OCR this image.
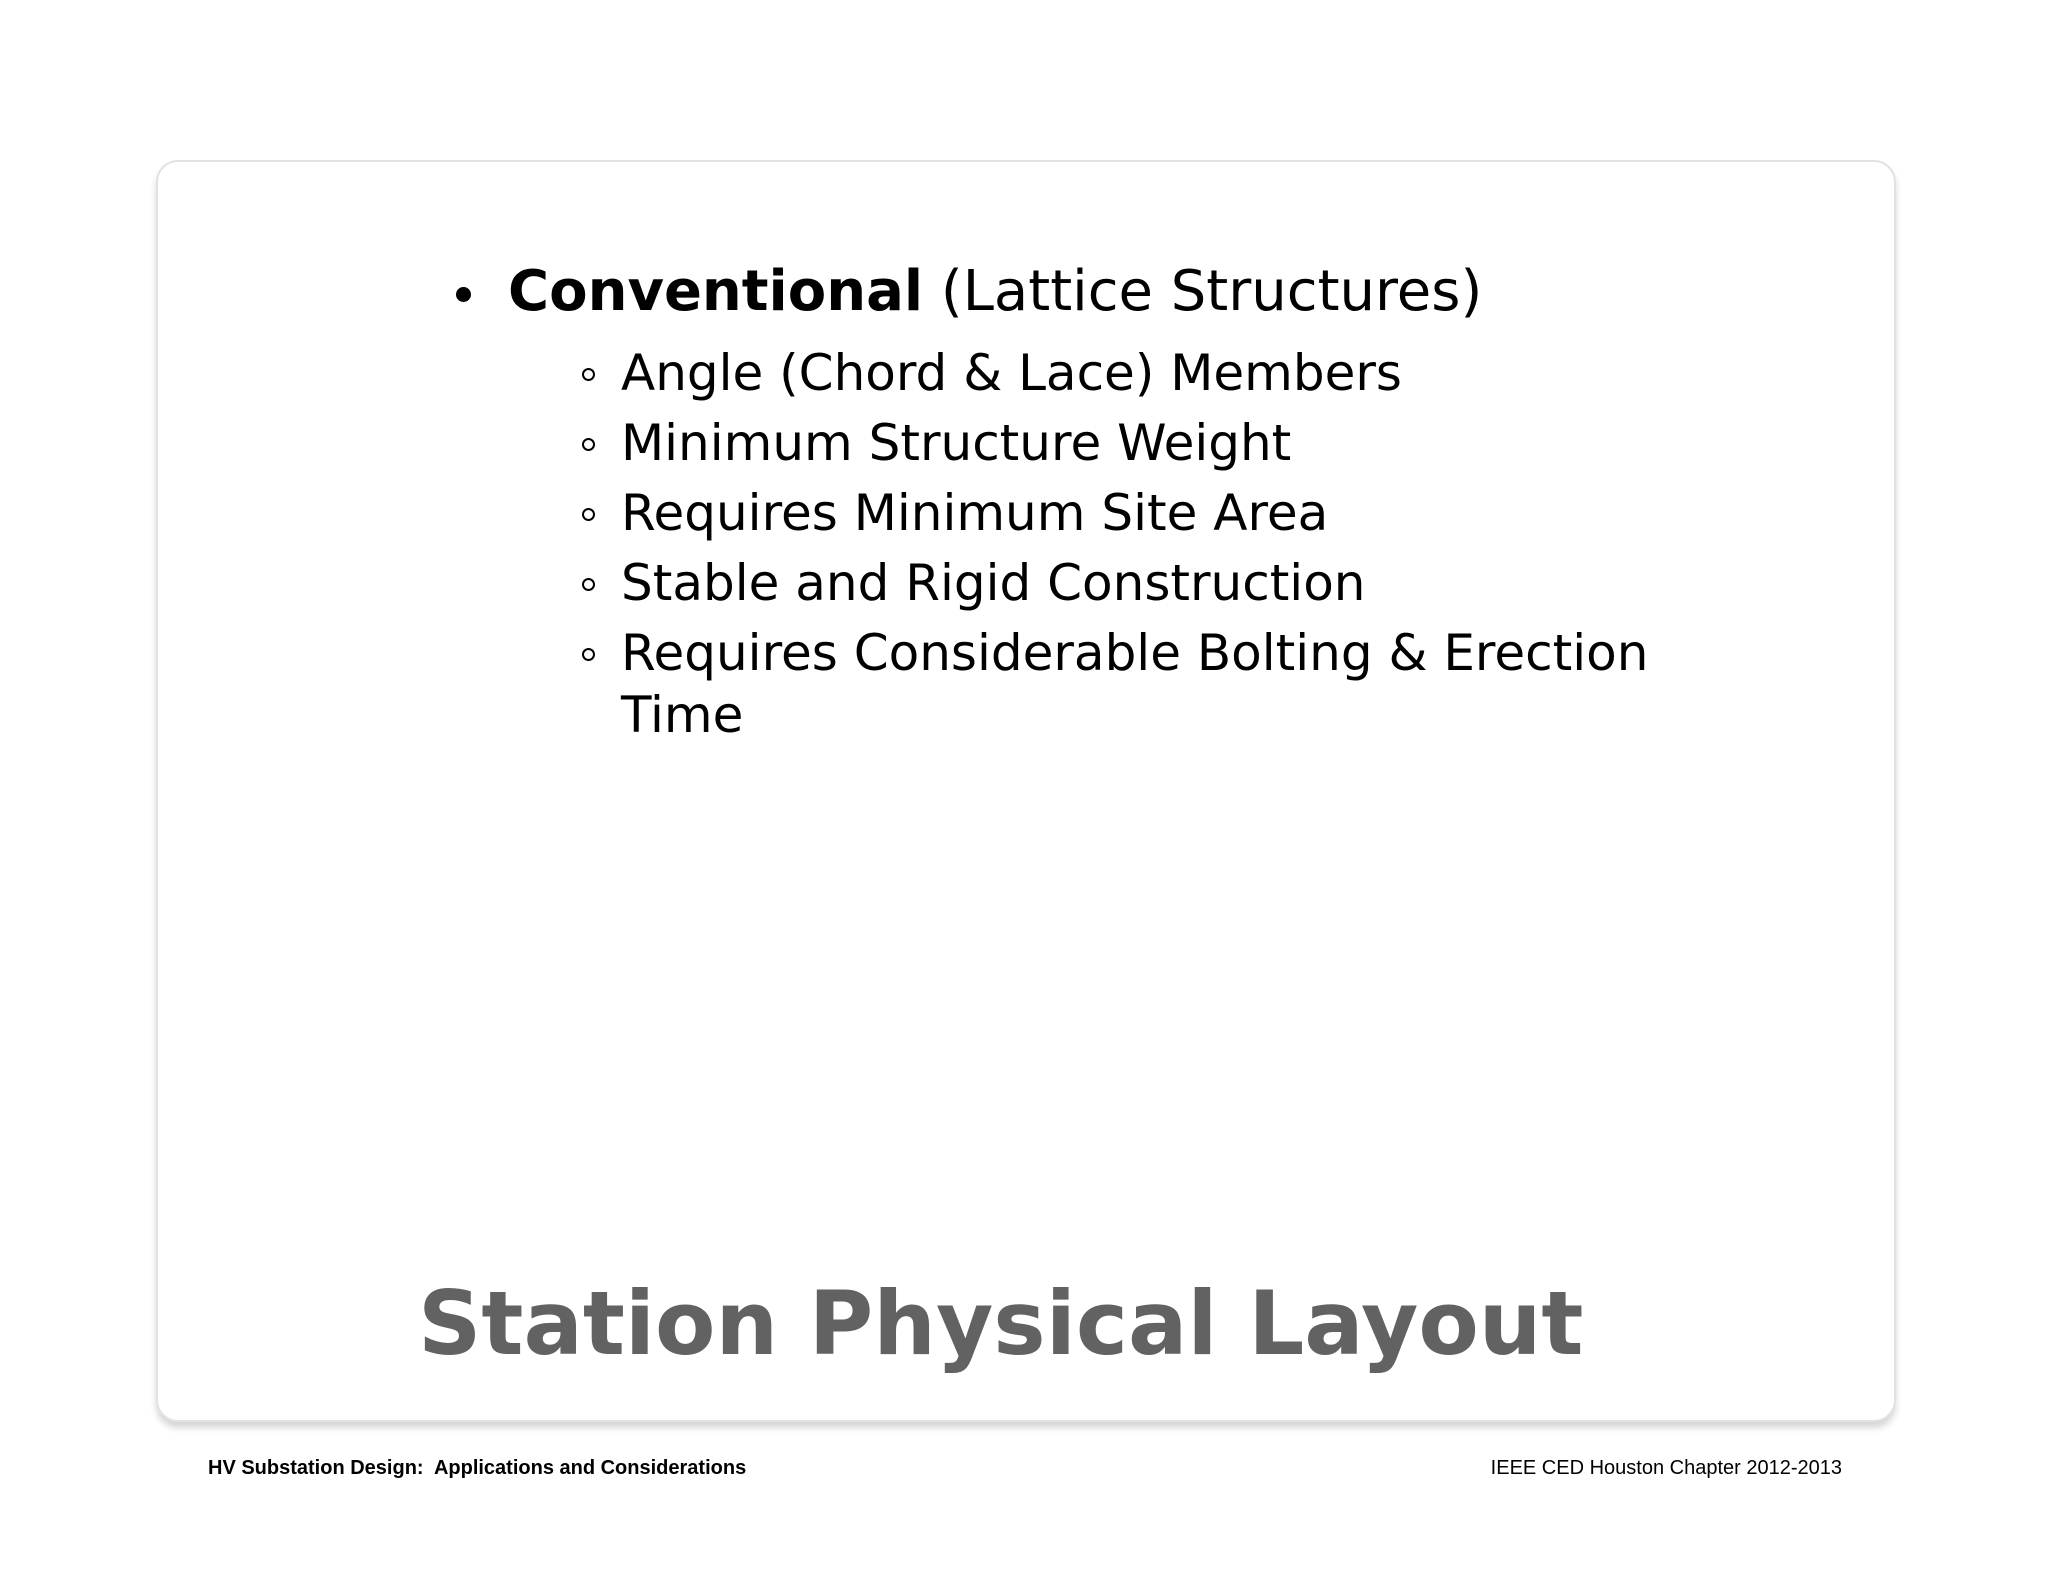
Conventional (Lattice Structures)
Angle (Chord & Lace) Members
Minimum Structure Weight
Requires Minimum Site Area
Stable and Rigid Construction
Requires Considerable Bolting & Erection Time
Station Physical Layout
HV Substation Design:  Applications and Considerations	IEEE CED Houston Chapter 2012-2013
